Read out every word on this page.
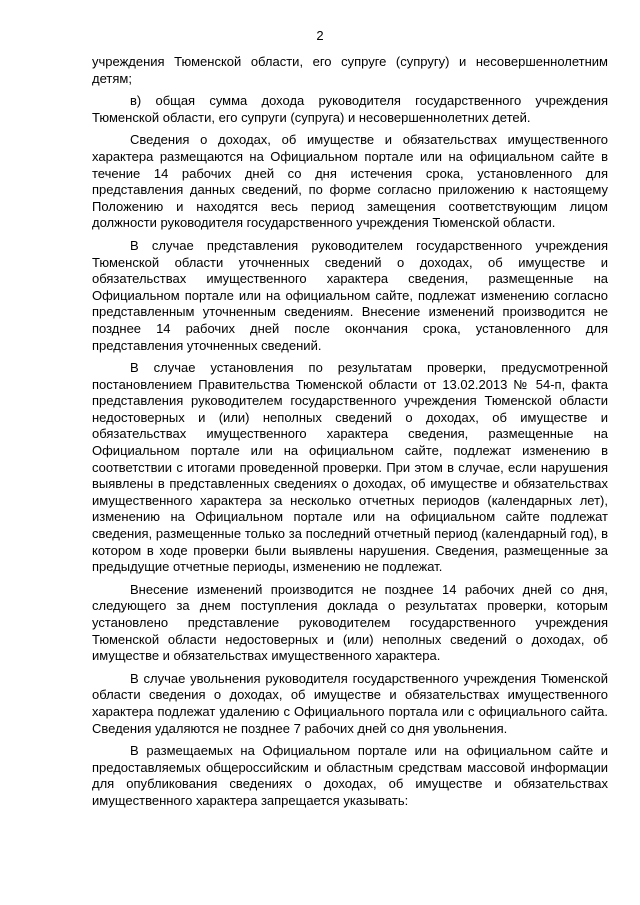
2

учреждения Тюменской области, его супруге (супругу) и несовершеннолетним детям;

в) общая сумма дохода руководителя государственного учреждения Тюменской области, его супруги (супруга) и несовершеннолетних детей.

Сведения о доходах, об имуществе и обязательствах имущественного характера размещаются на Официальном портале или на официальном сайте в течение 14 рабочих дней со дня истечения срока, установленного для представления данных сведений, по форме согласно приложению к настоящему Положению и находятся весь период замещения соответствующим лицом должности руководителя государственного учреждения Тюменской области.

В случае представления руководителем государственного учреждения Тюменской области уточненных сведений о доходах, об имуществе и обязательствах имущественного характера сведения, размещенные на Официальном портале или на официальном сайте, подлежат изменению согласно представленным уточненным сведениям. Внесение изменений производится не позднее 14 рабочих дней после окончания срока, установленного для представления уточненных сведений.

В случае установления по результатам проверки, предусмотренной постановлением Правительства Тюменской области от 13.02.2013 № 54-п, факта представления руководителем государственного учреждения Тюменской области недостоверных и (или) неполных сведений о доходах, об имуществе и обязательствах имущественного характера сведения, размещенные на Официальном портале или на официальном сайте, подлежат изменению в соответствии с итогами проведенной проверки. При этом в случае, если нарушения выявлены в представленных сведениях о доходах, об имуществе и обязательствах имущественного характера за несколько отчетных периодов (календарных лет), изменению на Официальном портале или на официальном сайте подлежат сведения, размещенные только за последний отчетный период (календарный год), в котором в ходе проверки были выявлены нарушения. Сведения, размещенные за предыдущие отчетные периоды, изменению не подлежат.

Внесение изменений производится не позднее 14 рабочих дней со дня, следующего за днем поступления доклада о результатах проверки, которым установлено представление руководителем государственного учреждения Тюменской области недостоверных и (или) неполных сведений о доходах, об имуществе и обязательствах имущественного характера.

В случае увольнения руководителя государственного учреждения Тюменской области сведения о доходах, об имуществе и обязательствах имущественного характера подлежат удалению с Официального портала или с официального сайта. Сведения удаляются не позднее 7 рабочих дней со дня увольнения.

В размещаемых на Официальном портале или на официальном сайте и предоставляемых общероссийским и областным средствам массовой информации для опубликования сведениях о доходах, об имуществе и обязательствах имущественного характера запрещается указывать:
